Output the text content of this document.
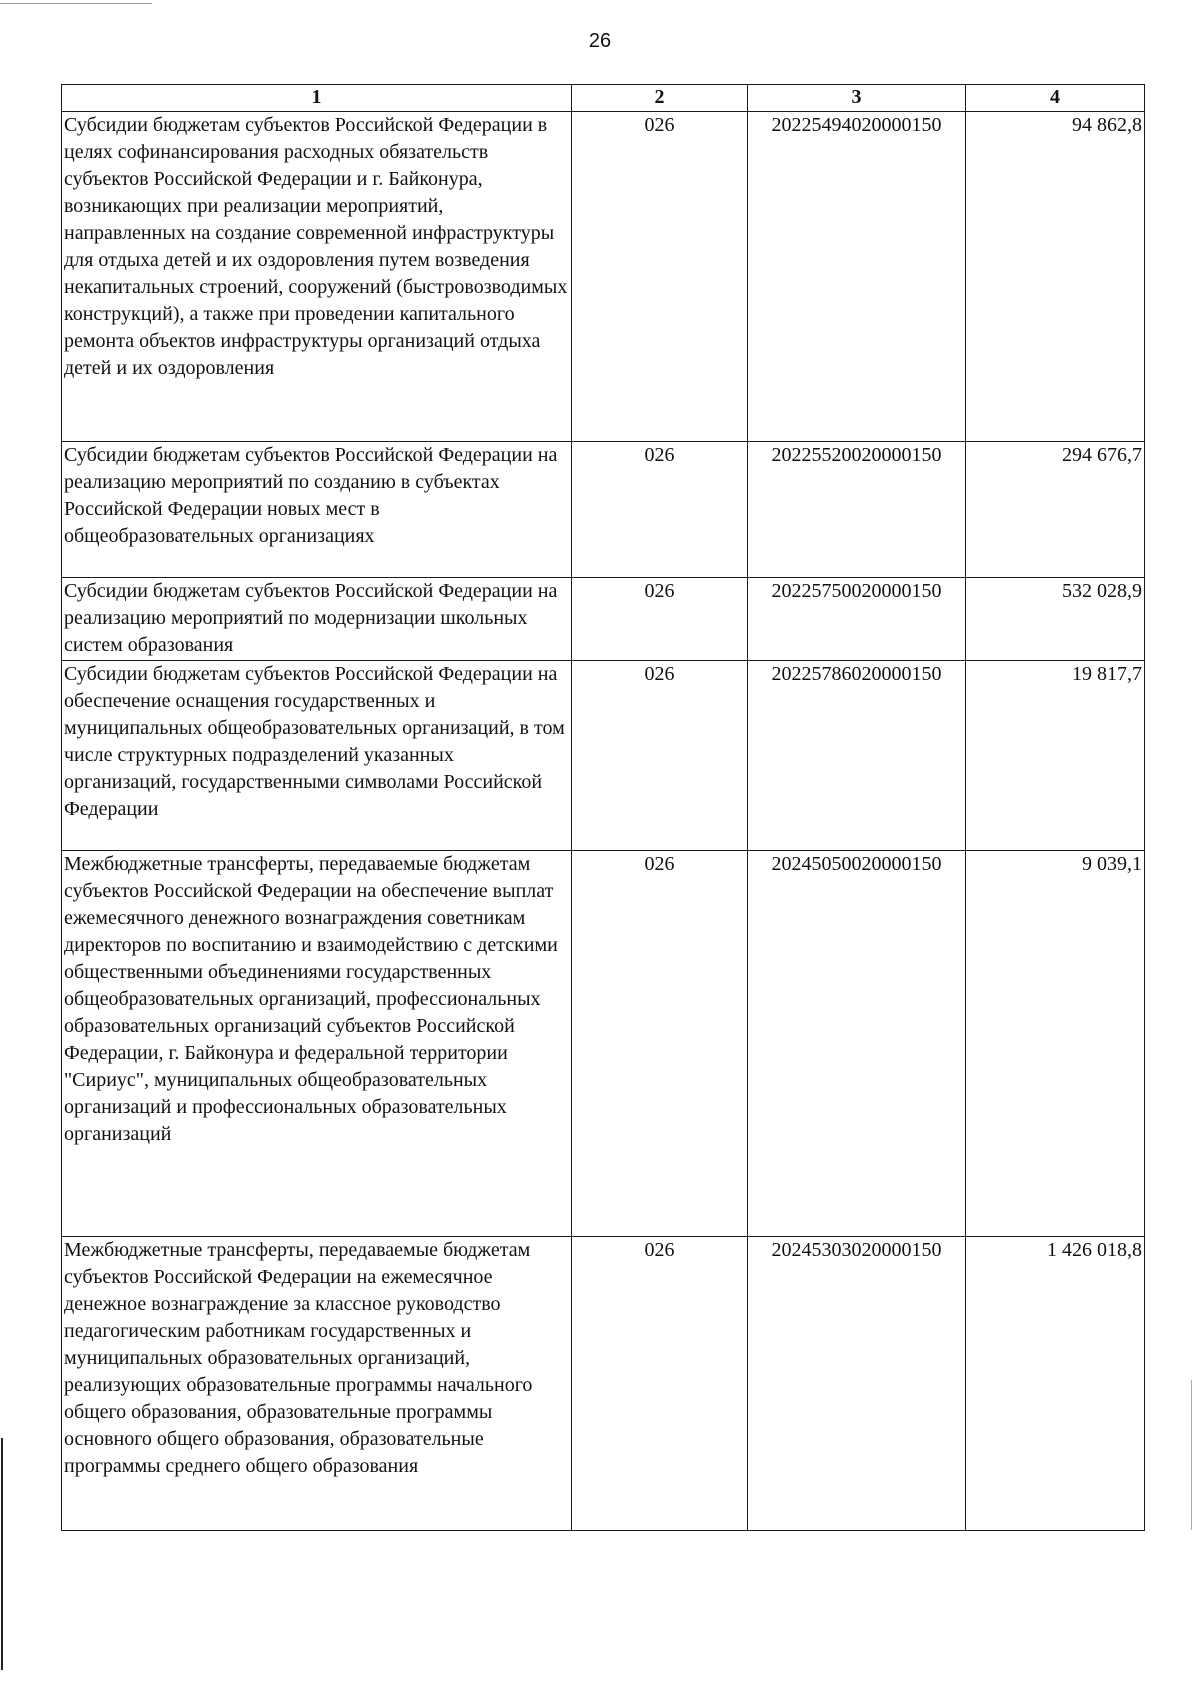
26
1	2	3	4
Субсидии бюджетам субъектов Российской Федерации в целях софинансирования расходных обязательств субъектов Российской Федерации и г. Байконура, возникающих при реализации мероприятий, направленных на создание современной инфраструктуры для отдыха детей и их оздоровления путем возведения некапитальных строений, сооружений (быстровозводимых конструкций), а также при проведении капитального ремонта объектов инфраструктуры организаций отдыха детей и их оздоровления	026	20225494020000150	94 862,8
Субсидии бюджетам субъектов Российской Федерации на реализацию мероприятий по созданию в субъектах Российской Федерации новых мест в общеобразовательных организациях	026	20225520020000150	294 676,7
Субсидии бюджетам субъектов Российской Федерации на реализацию мероприятий по модернизации школьных систем образования	026	20225750020000150	532 028,9
Субсидии бюджетам субъектов Российской Федерации на обеспечение оснащения государственных и муниципальных общеобразовательных организаций, в том числе структурных подразделений указанных организаций, государственными символами Российской Федерации	026	20225786020000150	19 817,7
Межбюджетные трансферты, передаваемые бюджетам субъектов Российской Федерации на обеспечение выплат ежемесячного денежного вознаграждения советникам директоров по воспитанию и взаимодействию с детскими общественными объединениями государственных общеобразовательных организаций, профессиональных образовательных организаций субъектов Российской Федерации, г. Байконура и федеральной территории "Сириус", муниципальных общеобразовательных организаций и профессиональных образовательных организаций	026	20245050020000150	9 039,1
Межбюджетные трансферты, передаваемые бюджетам субъектов Российской Федерации на ежемесячное денежное вознаграждение за классное руководство педагогическим работникам государственных и муниципальных образовательных организаций, реализующих образовательные программы начального общего образования, образовательные программы основного общего образования, образовательные программы среднего общего образования	026	20245303020000150	1 426 018,8
